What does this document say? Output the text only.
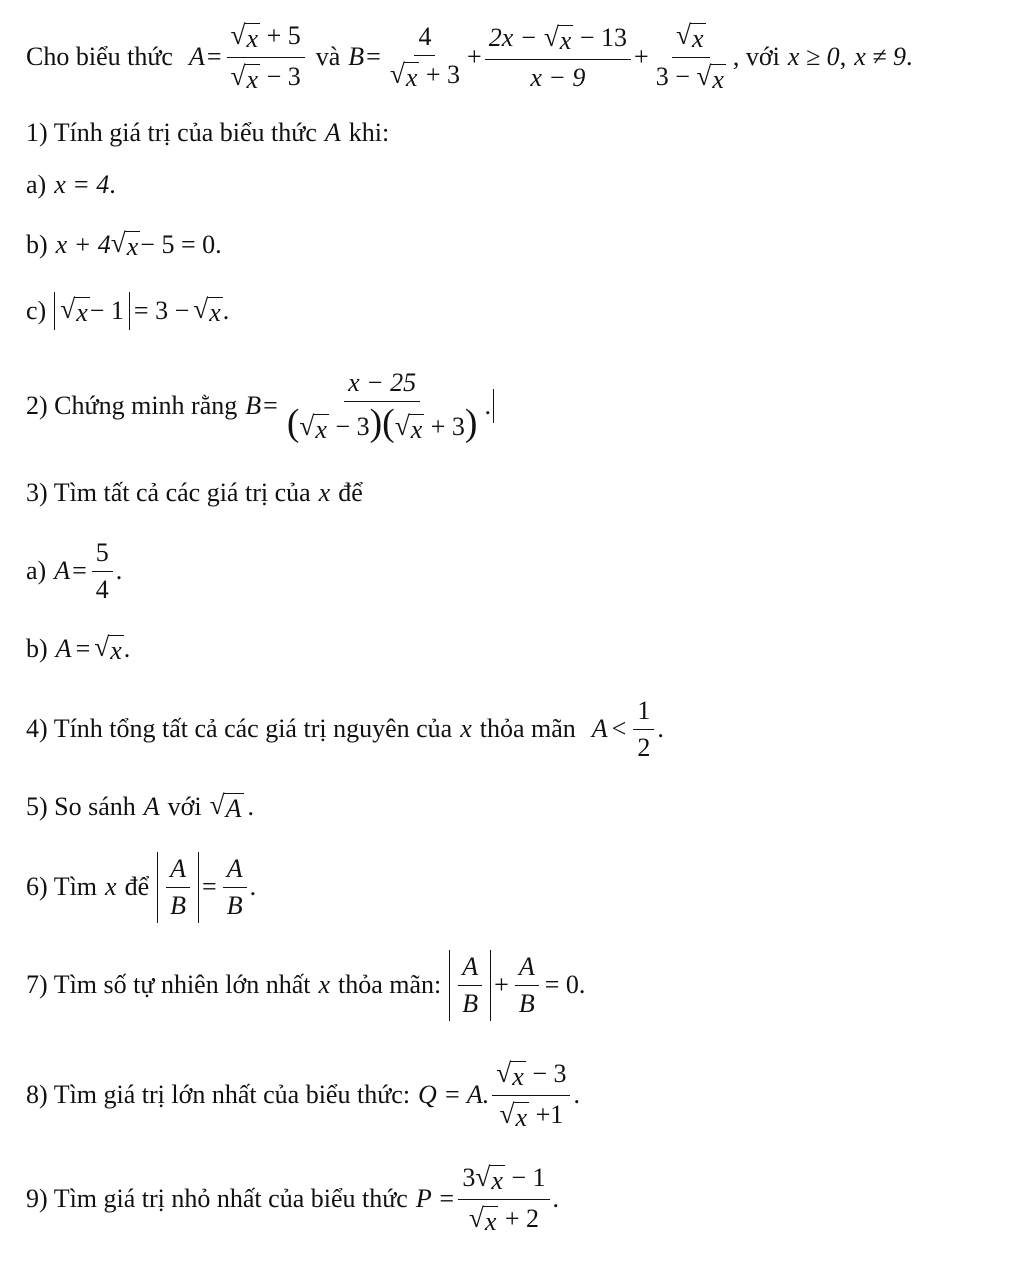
Cho biểu thức $A = \frac{√ x + 5}{√ x - 3}$ và $B = \frac{4}{√ x + 3} + \frac{2x - √ x - 13}{x - 9} + \frac{√ x}{3 - √ x}$ , với x ≥ 0 , x ≠ 9 .
1) Tính giá trị của biểu thức A khi:
a) x = 4 .
b) x + 4 √ x − 5 = 0 .
c) √ x − 1 = 3 − √ x .
2) Chứng minh rằng $B = \frac{x - 25}{( √ x - 3)( √ x + 3)}$ .
3) Tìm tất cả các giá trị của x để
a) $A = \frac{5}{4}$ .
b) A = √ x .
4) Tính tổng tất cả các giá trị nguyên của x thỏa mãn $A < \frac{1}{2}$ .
5) So sánh A với √ A .
6) Tìm x để $\frac{A}{B} = \frac{A}{B}$ .
7) Tìm số tự nhiên lớn nhất x thỏa mãn: $\frac{A}{B} + \frac{A}{B} = 0$ .
8) Tìm giá trị lớn nhất của biểu thức: Q = A. $\frac{√ x - 3}{√ x +1}$ .
9) Tìm giá trị nhỏ nhất của biểu thức $P = \frac{3 √ x - 1}{√ x + 2}$ .
